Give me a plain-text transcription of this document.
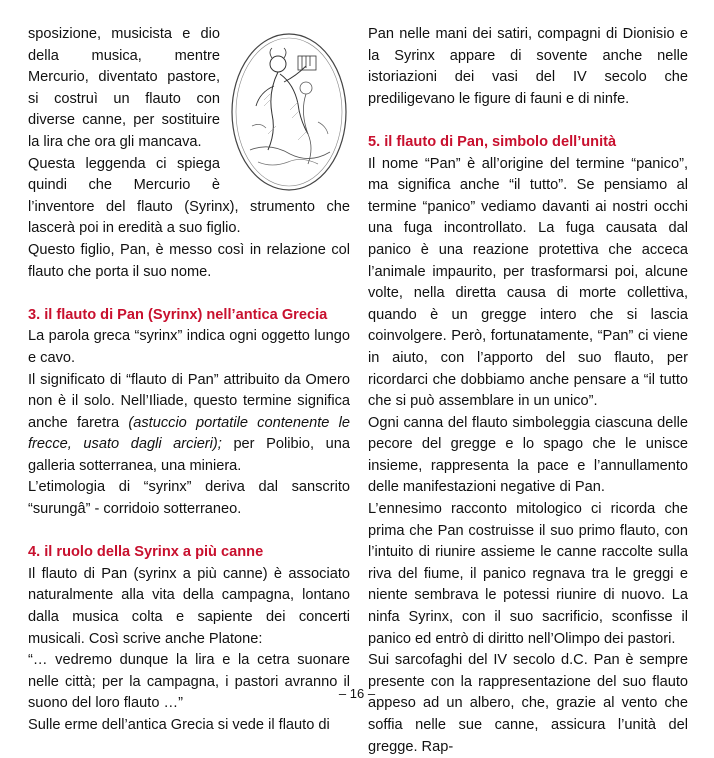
sposizione, musicista e dio della musica, mentre Mercurio, diventato pastore, si costruì un flauto con diverse canne, per sostituire la lira che ora gli mancava.

Questa leggenda ci spiega quindi che Mercurio è l’inventore del flauto (Syrinx), strumento che lascerà poi in eredità a suo figlio.

Questo figlio, Pan, è messo così in relazione col flauto che porta il suo nome.

3. il flauto di Pan (Syrinx) nell’antica Grecia

La parola greca “syrinx” indica ogni oggetto lungo e cavo.

Il significato di “flauto di Pan” attribuito da Omero non è il solo. Nell’Iliade, questo termine significa anche faretra (astuccio portatile contenente le frecce, usato dagli arcieri); per Polibio, una galleria sotterranea, una miniera.

L’etimologia di “syrinx” deriva dal sanscrito “surungâ” - corridoio sotterraneo.

4. il ruolo della Syrinx a più canne

Il flauto di Pan (syrinx a più canne) è associato naturalmente alla vita della campagna, lontano dalla musica colta e sapiente dei concerti musicali. Così scrive anche Platone:

“… vedremo dunque la lira e la cetra suonare nelle città; per la campagna, i pastori avranno il suono del loro flauto …”

Sulle erme dell’antica Grecia si vede il flauto di

Pan nelle mani dei satiri, compagni di Dionisio e la Syrinx appare di sovente anche nelle istoriazioni dei vasi del IV secolo che prediligevano le figure di fauni e di ninfe.

5. il flauto di Pan, simbolo dell’unità

Il nome “Pan” è all’origine del termine “panico”, ma significa anche “il tutto”. Se pensiamo al termine “panico” vediamo davanti ai nostri occhi una fuga incontrollato. La fuga causata dal panico è una reazione protettiva che acceca l’animale impaurito, per trasformarsi poi, alcune volte, nella diretta causa di morte collettiva, quando è un gregge intero che si lascia coinvolgere. Però, fortunatamente, “Pan” ci viene in aiuto, con l’apporto del suo flauto, per ricordarci che dobbiamo anche pensare a “il tutto che si può assemblare in un unico”.

Ogni canna del flauto simboleggia ciascuna delle pecore del gregge e lo spago che le unisce insieme, rappresenta la pace e l’annullamento delle manifestazioni negative di Pan.

L’ennesimo racconto mitologico ci ricorda che prima che Pan costruisse il suo primo flauto, con l’intuito di riunire assieme le canne raccolte sulla riva del fiume, il panico regnava tra le greggi e niente sembrava le potessi riunire di nuovo. La ninfa Syrinx, con il suo sacrificio, sconfisse il panico ed entrò di diritto nell’Olimpo dei pastori.

Sui sarcofaghi del IV secolo d.C. Pan è sempre presente con la rappresentazione del suo flauto appeso ad un albero, che, grazie al vento che soffia nelle sue canne, assicura l’unità del gregge. Rap-

– 16 –
